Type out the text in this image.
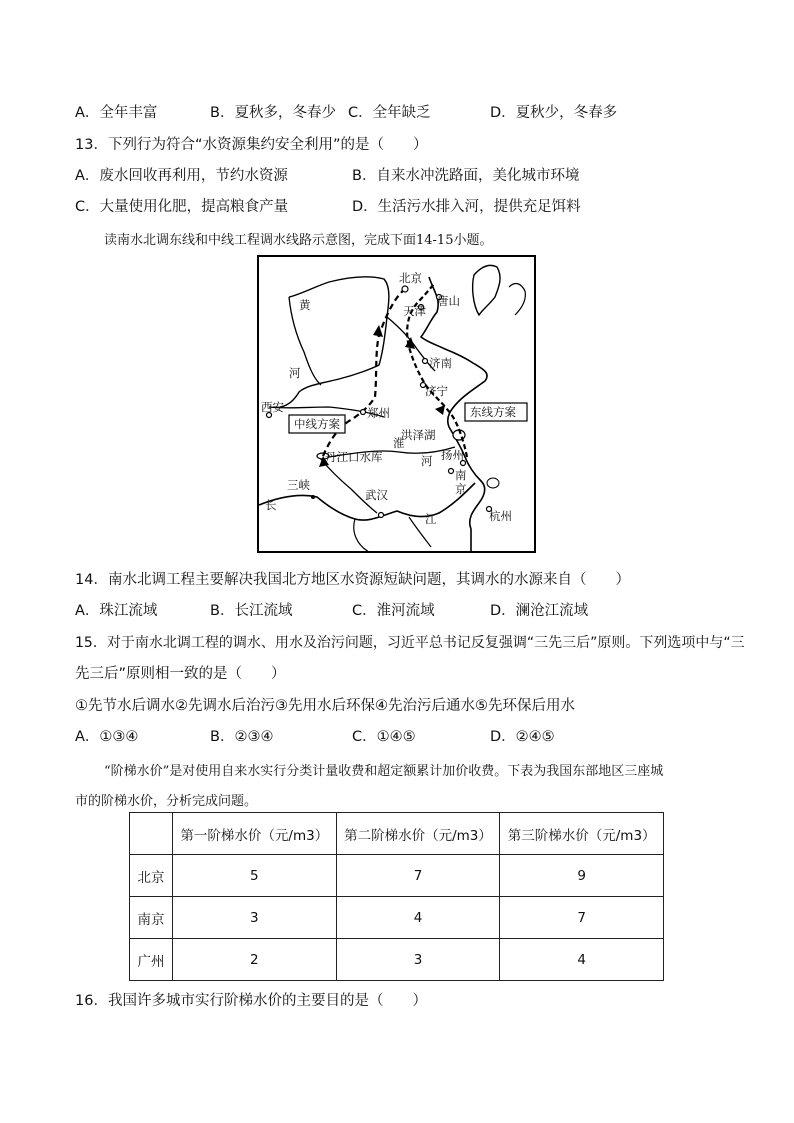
A．全年丰富	B．夏秋多，冬春少 C．全年缺乏	D．夏秋少，冬春多
13．下列行为符合“水资源集约安全利用”的是（　　）
A．废水回收再利用，节约水资源	B．自来水冲洗路面，美化城市环境
C．大量使用化肥，提高粮食产量	D．生活污水排入河，提供充足饵料
读南水北调东线和中线工程调水线路示意图，完成下面14-15小题。
北京
天津
唐山
济南
济宁
西安	郑州
洪泽湖
扬州
南
京
丹江口水库
三峡
武汉
杭州
黄
河
淮
河
长
江
中线方案
东线方案
14．南水北调工程主要解决我国北方地区水资源短缺问题，其调水的水源来自（　　）
A．珠江流域	B．长江流域	C．淮河流域	D．澜沧江流域
15．对于南水北调工程的调水、用水及治污问题，习近平总书记反复强调“三先三后”原则。下列选项中与“三
先三后”原则相一致的是（　　）
①先节水后调水②先调水后治污③先用水后环保④先治污后通水⑤先环保后用水
A．①③④	B．②③④	C．①④⑤	D．②④⑤
“阶梯水价”是对使用自来水实行分类计量收费和超定额累计加价收费。下表为我国东部地区三座城
市的阶梯水价，分析完成问题。
	第一阶梯水价（元/m3）	第二阶梯水价（元/m3）	第三阶梯水价（元/m3）
北京	5	7	9
南京	3	4	7
广州	2	3	4
16．我国许多城市实行阶梯水价的主要目的是（　　）
